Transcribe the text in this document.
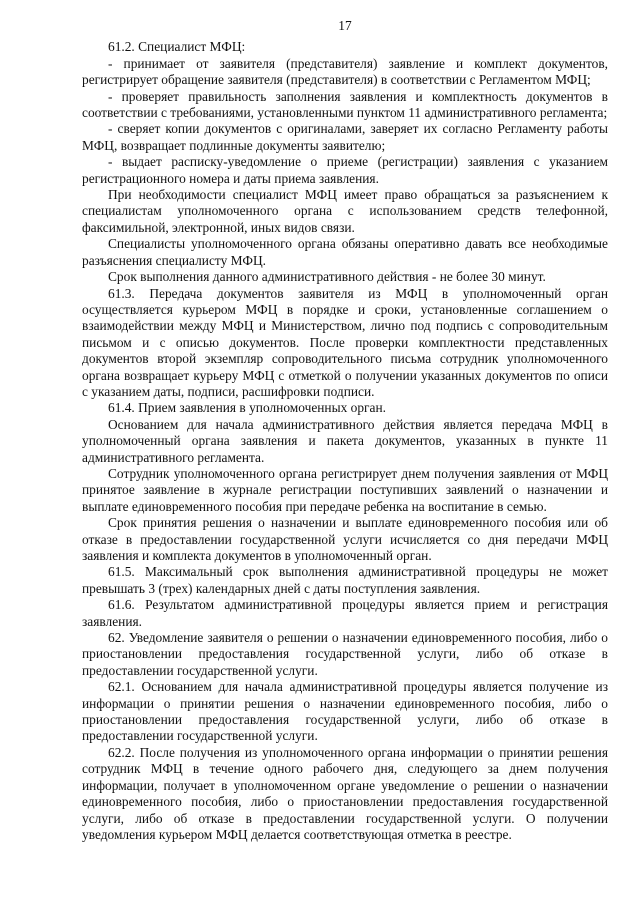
17

61.2. Специалист МФЦ:

- принимает от заявителя (представителя) заявление и комплект документов, регистрирует обращение заявителя (представителя) в соответствии с Регламентом МФЦ;

- проверяет правильность заполнения заявления и комплектность документов в соответствии с требованиями, установленными пунктом 11 административного регламента;

- сверяет копии документов с оригиналами, заверяет их согласно Регламенту работы МФЦ, возвращает подлинные документы заявителю;

- выдает расписку-уведомление о приеме (регистрации) заявления с указанием регистрационного номера и даты приема заявления.

При необходимости специалист МФЦ имеет право обращаться за разъяснением к специалистам уполномоченного органа с использованием средств телефонной, факсимильной, электронной, иных видов связи.

Специалисты уполномоченного органа обязаны оперативно давать все необходимые разъяснения специалисту МФЦ.

Срок выполнения данного административного действия - не более 30 минут.

61.3. Передача документов заявителя из МФЦ в уполномоченный орган осуществляется курьером МФЦ в порядке и сроки, установленные соглашением о взаимодействии между МФЦ и Министерством, лично под подпись с сопроводительным письмом и с описью документов. После проверки комплектности представленных документов второй экземпляр сопроводительного письма сотрудник уполномоченного органа возвращает курьеру МФЦ с отметкой о получении указанных документов по описи с указанием даты, подписи, расшифровки подписи.

61.4. Прием заявления в уполномоченных орган.

Основанием для начала административного действия является передача МФЦ в уполномоченный органа заявления и пакета документов, указанных в пункте 11 административного регламента.

Сотрудник уполномоченного органа регистрирует днем получения заявления от МФЦ принятое заявление в журнале регистрации поступивших заявлений о назначении и выплате единовременного пособия при передаче ребенка на воспитание в семью.

Срок принятия решения о назначении и выплате единовременного пособия или об отказе в предоставлении государственной услуги исчисляется со дня передачи МФЦ заявления и комплекта документов в уполномоченный орган.

61.5. Максимальный срок выполнения административной процедуры не может превышать 3 (трех) календарных дней с даты поступления заявления.

61.6. Результатом административной процедуры является прием и регистрация заявления.

62. Уведомление заявителя о решении о назначении единовременного пособия, либо о приостановлении предоставления государственной услуги, либо об отказе в предоставлении государственной услуги.

62.1. Основанием для начала административной процедуры является получение из информации о принятии решения о назначении единовременного пособия, либо о приостановлении предоставления государственной услуги, либо об отказе в предоставлении государственной услуги.

62.2. После получения из уполномоченного органа информации о принятии решения сотрудник МФЦ в течение одного рабочего дня, следующего за днем получения информации, получает в уполномоченном органе уведомление о решении о назначении единовременного пособия, либо о приостановлении предоставления государственной услуги, либо об отказе в предоставлении государственной услуги. О получении уведомления курьером МФЦ делается соответствующая отметка в реестре.
